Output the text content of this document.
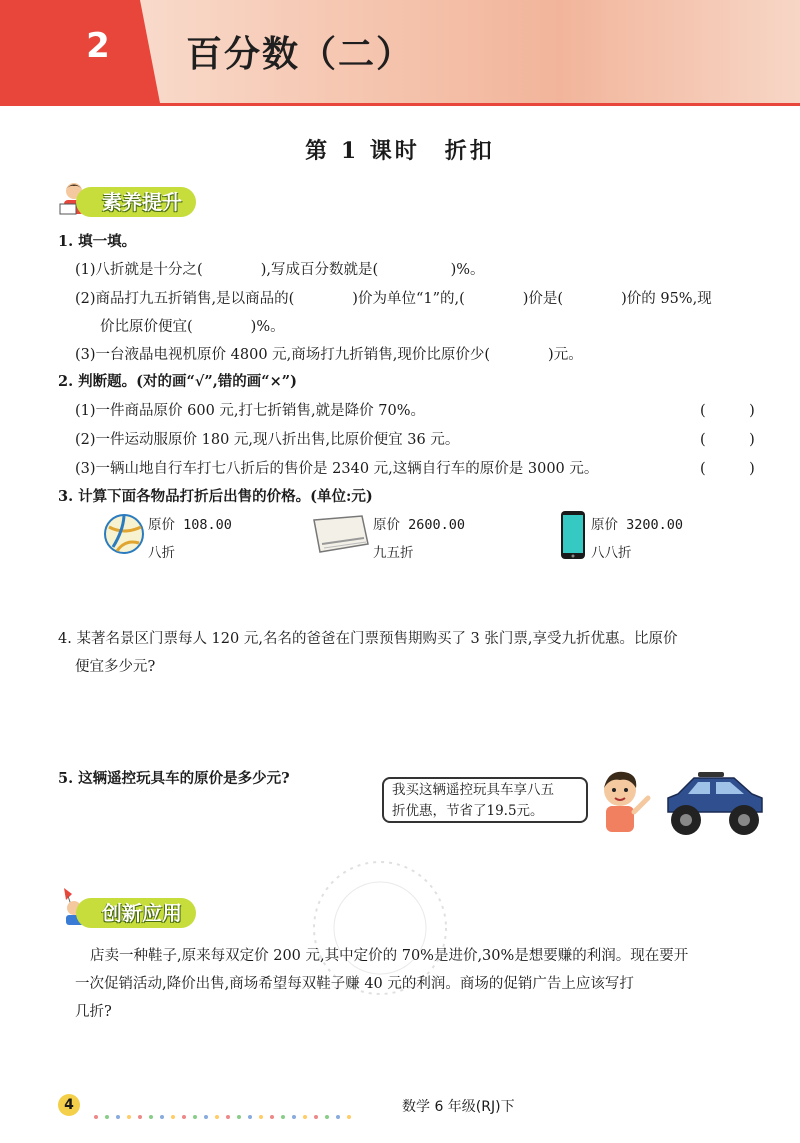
2 百分数（二）
第 1 课时　折扣
素养提升
1. 填一填。
(1)八折就是十分之(　　　　),写成百分数就是(　　　　　)%。
(2)商品打九五折销售,是以商品的(　　　　)价为单位“1”的,(　　　　)价是(　　　　)价的 95%,现
价比原价便宜(　　　　)%。
(3)一台液晶电视机原价 4800 元,商场打九折销售,现价比原价少(　　　　)元。
2. 判断题。(对的画“√”,错的画“×”)
(1)一件商品原价 600 元,打七折销售,就是降价 70%。	(　　　)
(2)一件运动服原价 180 元,现八折出售,比原价便宜 36 元。	(　　　)
(3)一辆山地自行车打七八折后的售价是 2340 元,这辆自行车的原价是 3000 元。	(　　　)
3. 计算下面各物品打折后出售的价格。(单位:元)
原价 108.00
八折
原价 2600.00
九五折
原价 3200.00
八八折
4. 某著名景区门票每人 120 元,名名的爸爸在门票预售期购买了 3 张门票,享受九折优惠。比原价
便宜多少元?
5. 这辆遥控玩具车的原价是多少元?
我买这辆遥控玩具车享八五
折优惠，节省了19.5元。
创新应用
店卖一种鞋子,原来每双定价 200 元,其中定价的 70%是进价,30%是想要赚的利润。现在要开
一次促销活动,降价出售,商场希望每双鞋子赚 40 元的利润。商场的促销广告上应该写打
几折?
4	数学 6 年级(RJ)下
